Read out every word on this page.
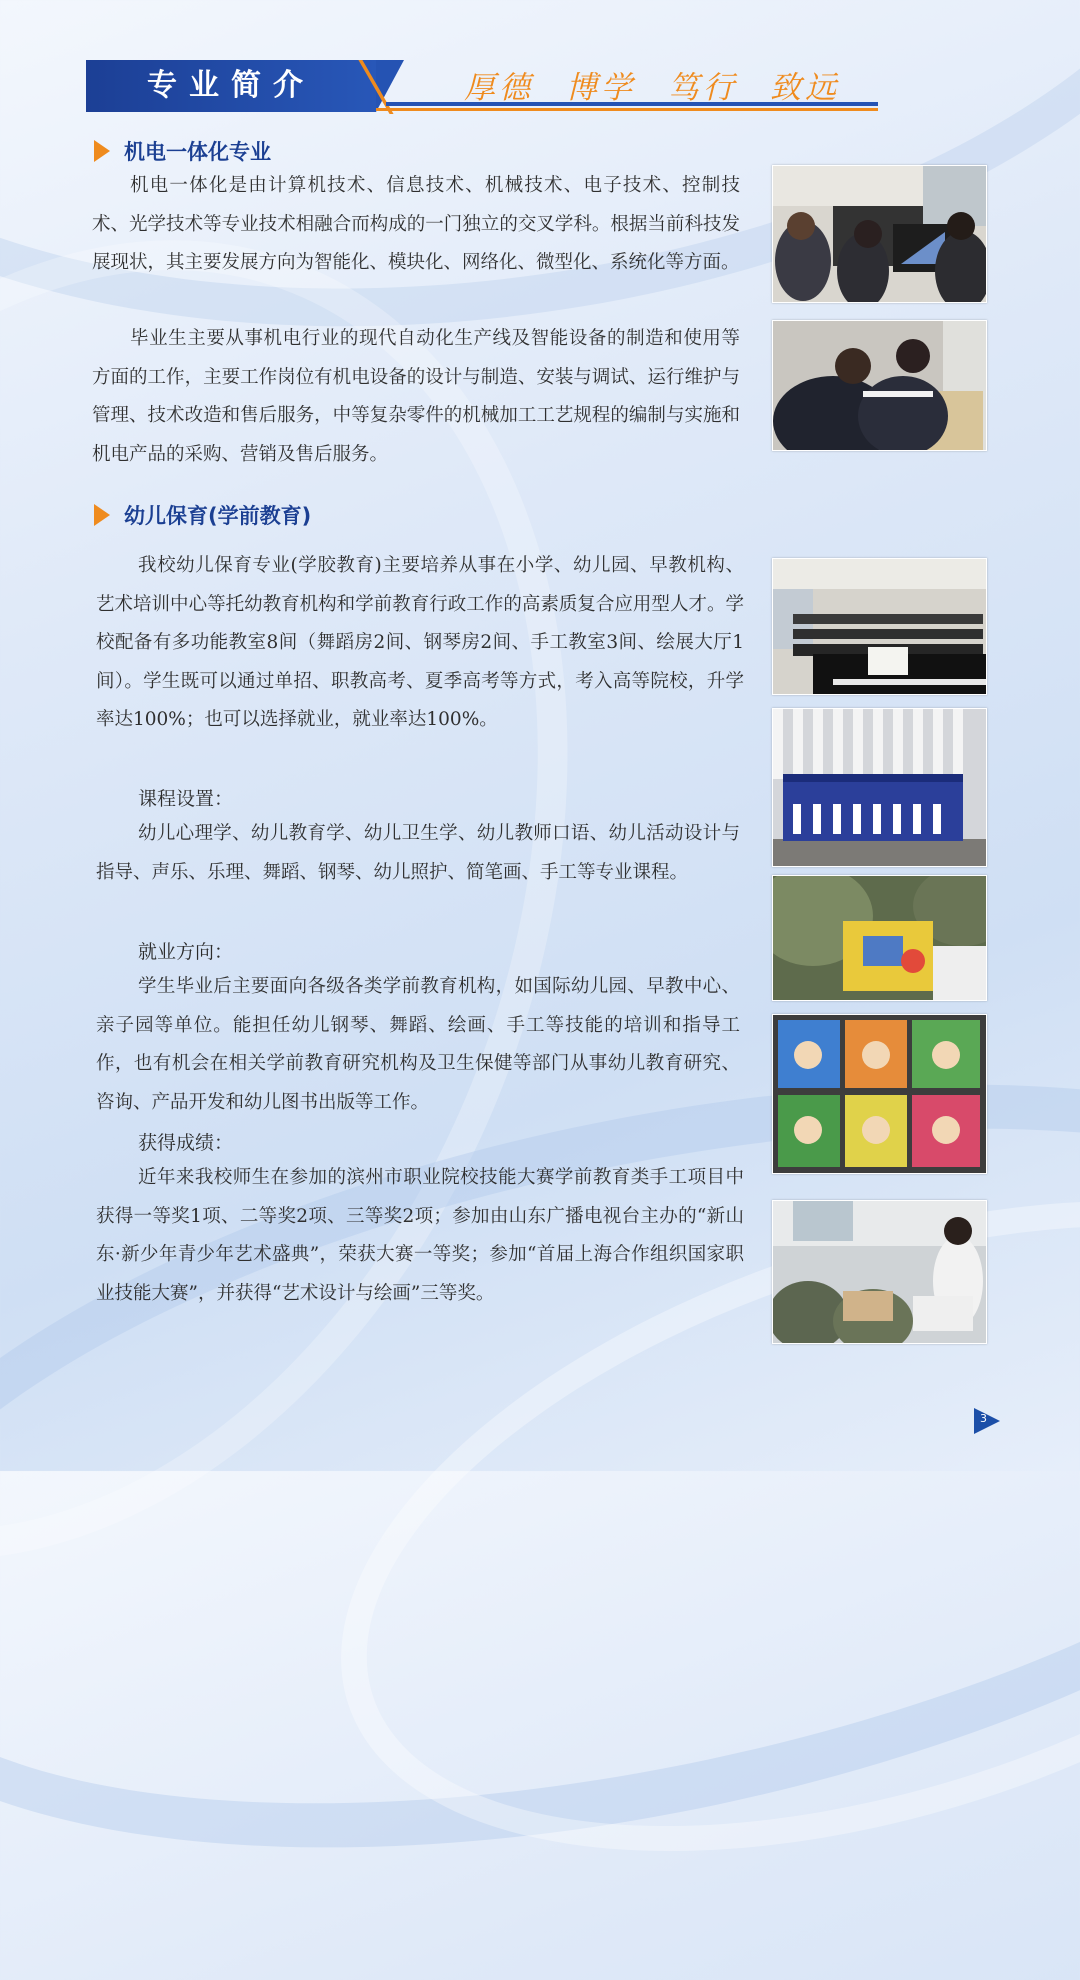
专业简介	厚德 博学 笃行 致远
机电一体化专业

机电一体化是由计算机技术、信息技术、机械技术、电子技术、控制技术、光学技术等专业技术相融合而构成的一门独立的交叉学科。根据当前科技发展现状，其主要发展方向为智能化、模块化、网络化、微型化、系统化等方面。

毕业生主要从事机电行业的现代自动化生产线及智能设备的制造和使用等方面的工作，主要工作岗位有机电设备的设计与制造、安装与调试、运行维护与管理、技术改造和售后服务，中等复杂零件的机械加工工艺规程的编制与实施和机电产品的采购、营销及售后服务。

幼儿保育(学前教育)

我校幼儿保育专业(学胶教育)主要培养从事在小学、幼儿园、早教机构、艺术培训中心等托幼教育机构和学前教育行政工作的高素质复合应用型人才。学校配备有多功能教室8间（舞蹈房2间、钢琴房2间、手工教室3间、绘展大厅1间）。学生既可以通过单招、职教高考、夏季高考等方式，考入高等院校，升学率达100%；也可以选择就业，就业率达100%。

课程设置：

幼儿心理学、幼儿教育学、幼儿卫生学、幼儿教师口语、幼儿活动设计与指导、声乐、乐理、舞蹈、钢琴、幼儿照护、简笔画、手工等专业课程。

就业方向：

学生毕业后主要面向各级各类学前教育机构，如国际幼儿园、早教中心、亲子园等单位。能担任幼儿钢琴、舞蹈、绘画、手工等技能的培训和指导工作，也有机会在相关学前教育研究机构及卫生保健等部门从事幼儿教育研究、咨询、产品开发和幼儿图书出版等工作。

获得成绩：

近年来我校师生在参加的滨州市职业院校技能大赛学前教育类手工项目中获得一等奖1项、二等奖2项、三等奖2项；参加由山东广播电视台主办的“新山东·新少年青少年艺术盛典”，荣获大赛一等奖；参加“首届上海合作组织国家职业技能大赛”，并获得“艺术设计与绘画”三等奖。

3
